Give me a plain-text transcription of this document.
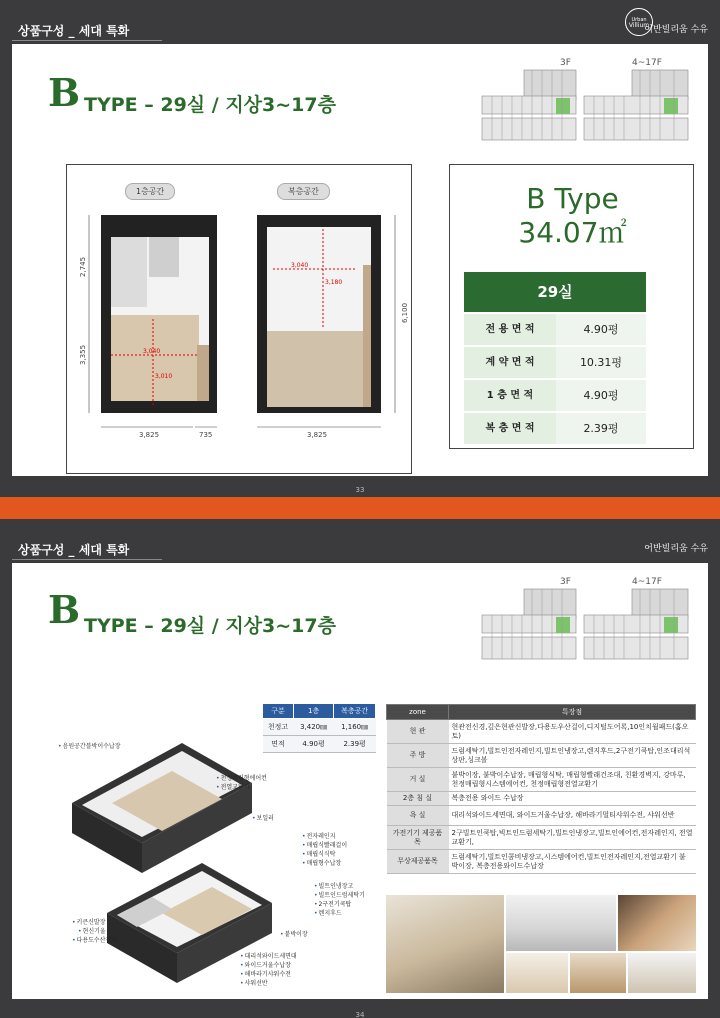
상품구성 _ 세대 특화
Urban
Villium
어반빌리움 수유
B TYPE – 29실 / 지상3~17층
3F	4~17F
1층공간	복층공간
2,745
3,355	3,040
3,010
3,825	735
3,040
3,180
6,100
3,825
B Type
34.07㎡
29실
전 용 면 적	4.90평
계 약 면 적	10.31평
1 층 면 적	4.90평
복 층 면 적	2.39평
33
상품구성 _ 세대 특화	어반빌리움 수유
B TYPE – 29실 / 지상3~17층
3F	4~17F
구분	1층	복층공간
천정고	3,420㎜	1,160㎜
면적	4.90평	2.39평
• 음원공간블박이수납장
• 천정매립형에어컨
• 전열교환기
• 보일러
• 전자레인지
• 매립식빨래걸이
• 매립식식탁
• 매립형수납장
• 빌트인냉장고
• 빌트인드럼세탁기
• 2구전기쿡탑
• 렌지후드
• 키큰신발장
• 현신기울
• 다용도수산걸이
• 붙박이장
• 대리석와이드세면대
• 와이드거울수납장
• 해바라기샤워수전
• 샤워선반
zone	특장점
현 관	현관전신경,깊은현관신발장,다용도우산걸이,디지털도어록,10인치월패드(홈오토)
주 방	드럼세탁기,빌트인전자레인지,빌트인냉장고,렌지후드,2구전기쿡탑,인조대리석상판,싱크볼
거 실	붙박이장, 붙박이수납장, 매립형식탁, 매립형빨래건조대, 친환경벽지, 강마루, 천정매립형시스템에어컨, 천정매립형전열교환기
2층 침 실	복층전용 와이드 수납장
욕 실	대리석와이드세면대, 와이드거울수납장, 해바라기멀티샤워수전, 샤워선반
가전기기 제공품목	2구빌트인쿡탑,빅트인드럼세탁기,빌트인냉장고,빌트인에어컨,전자레인지, 전열교환기,
무상제공품목	드럼세탁기,빌트인콤비냉장고,시스템에어컨,빌트인전자레인지,전열교환기 붙박이장, 복층전용와이드수납장
34
